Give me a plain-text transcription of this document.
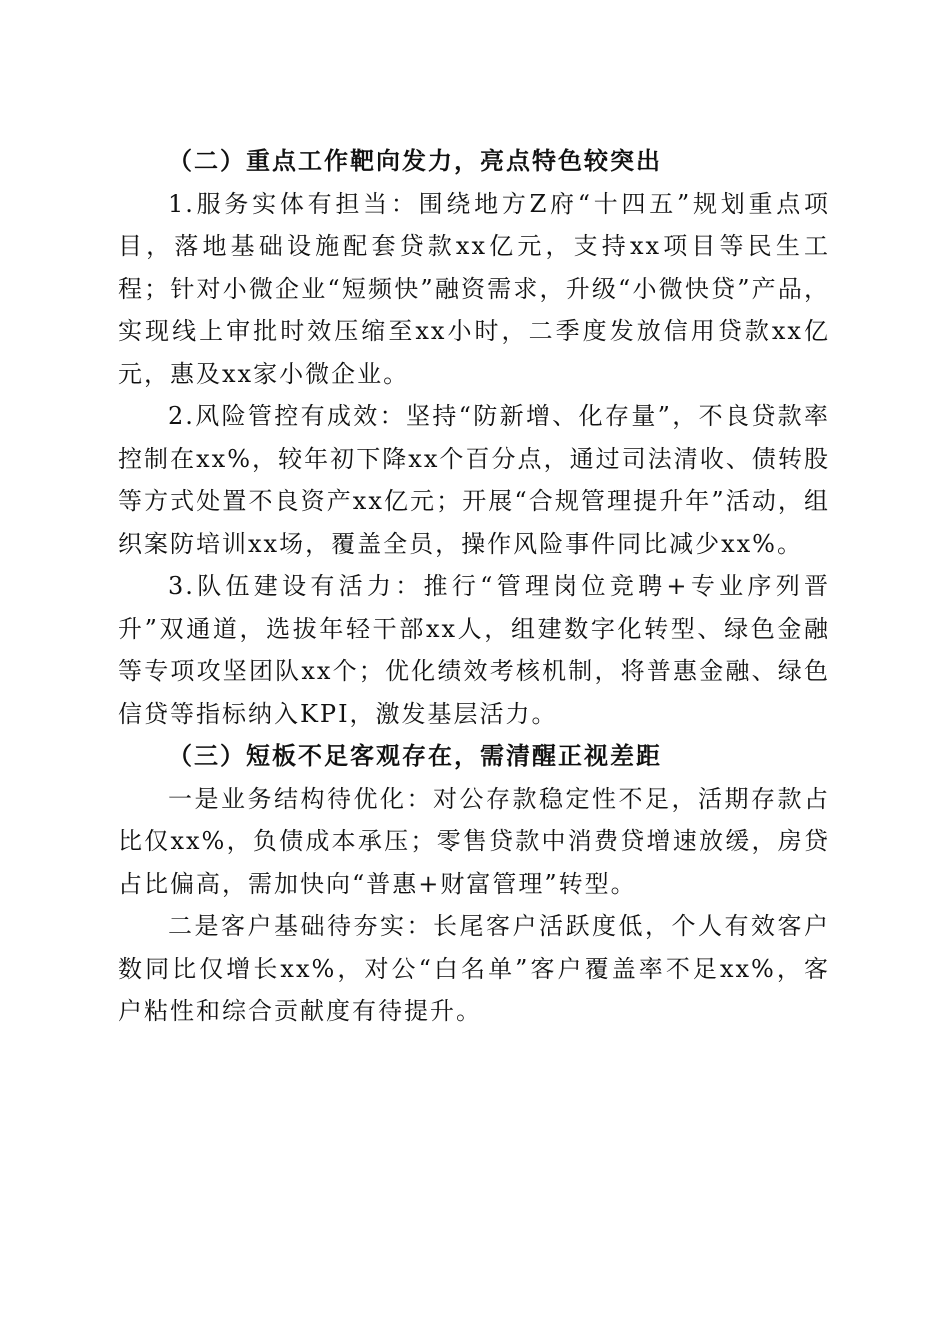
（二）重点工作靶向发力，亮点特色较突出

1.服务实体有担当：围绕地方Z府“十四五”规划重点项目，落地基础设施配套贷款xx亿元，支持xx项目等民生工程；针对小微企业“短频快”融资需求，升级“小微快贷”产品，实现线上审批时效压缩至xx小时，二季度发放信用贷款xx亿元，惠及xx家小微企业。

2.风险管控有成效：坚持“防新增、化存量”，不良贷款率控制在xx%，较年初下降xx个百分点，通过司法清收、债转股等方式处置不良资产xx亿元；开展“合规管理提升年”活动，组织案防培训xx场，覆盖全员，操作风险事件同比减少xx%。

3.队伍建设有活力：推行“管理岗位竞聘+专业序列晋升”双通道，选拔年轻干部xx人，组建数字化转型、绿色金融等专项攻坚团队xx个；优化绩效考核机制，将普惠金融、绿色信贷等指标纳入KPI，激发基层活力。

（三）短板不足客观存在，需清醒正视差距

一是业务结构待优化：对公存款稳定性不足，活期存款占比仅xx%，负债成本承压；零售贷款中消费贷增速放缓，房贷占比偏高，需加快向“普惠+财富管理”转型。

二是客户基础待夯实：长尾客户活跃度低，个人有效客户数同比仅增长xx%，对公“白名单”客户覆盖率不足xx%，客户粘性和综合贡献度有待提升。
